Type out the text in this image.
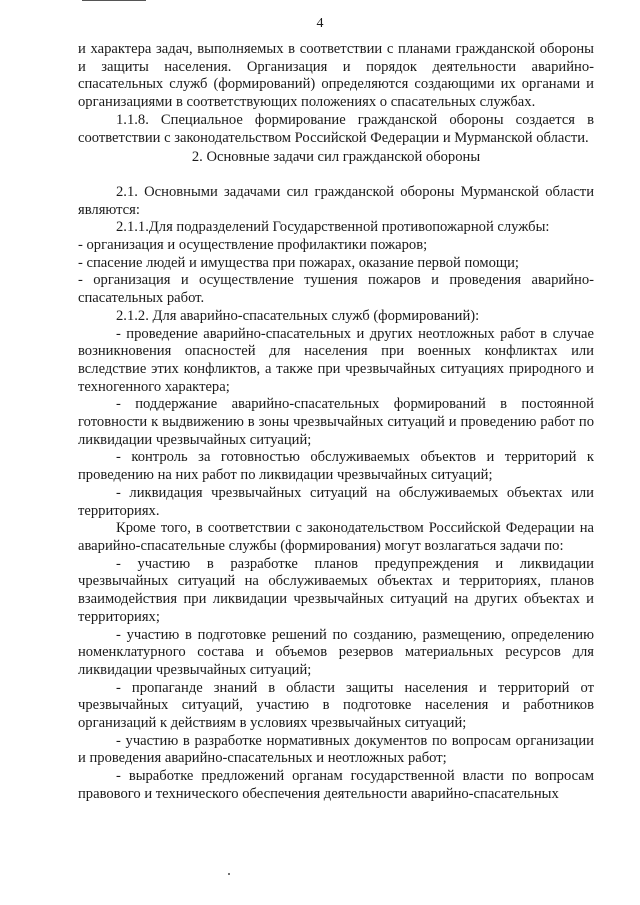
4

и характера задач, выполняемых в соответствии с планами гражданской обороны и защиты населения. Организация и порядок деятельности аварийно-спасательных служб (формирований) определяются создающими их органами и организациями в соответствующих положениях о спасательных службах.

1.1.8. Специальное формирование гражданской обороны создается в соответствии с законодательством Российской Федерации и Мурманской области.

2. Основные задачи сил гражданской обороны

2.1. Основными задачами сил гражданской обороны Мурманской области являются:

2.1.1.Для подразделений Государственной противопожарной службы:

- организация и осуществление профилактики пожаров;

- спасение людей и имущества при пожарах, оказание первой помощи;

- организация и осуществление тушения пожаров и проведения аварийно-спасательных работ.

2.1.2. Для аварийно-спасательных служб (формирований):

- проведение аварийно-спасательных и других неотложных работ в случае возникновения опасностей для населения при военных конфликтах или вследствие этих конфликтов, а также при чрезвычайных ситуациях природного и техногенного характера;

- поддержание аварийно-спасательных формирований в постоянной готовности к выдвижению в зоны чрезвычайных ситуаций и проведению работ по ликвидации чрезвычайных ситуаций;

- контроль за готовностью обслуживаемых объектов и территорий к проведению на них работ по ликвидации чрезвычайных ситуаций;

- ликвидация чрезвычайных ситуаций на обслуживаемых объектах или территориях.

Кроме того, в соответствии с законодательством Российской Федерации на аварийно-спасательные службы (формирования) могут возлагаться задачи по:

- участию в разработке планов предупреждения и ликвидации чрезвычайных ситуаций на обслуживаемых объектах и территориях, планов взаимодействия при ликвидации чрезвычайных ситуаций на других объектах и территориях;

- участию в подготовке решений по созданию, размещению, определению номенклатурного состава и объемов резервов материальных ресурсов для ликвидации чрезвычайных ситуаций;

- пропаганде знаний в области защиты населения и территорий от чрезвычайных ситуаций, участию в подготовке населения и работников организаций к действиям в условиях чрезвычайных ситуаций;

- участию в разработке нормативных документов по вопросам организации и проведения аварийно-спасательных и неотложных работ;

- выработке предложений органам государственной власти по вопросам правового и технического обеспечения деятельности аварийно-спасательных
